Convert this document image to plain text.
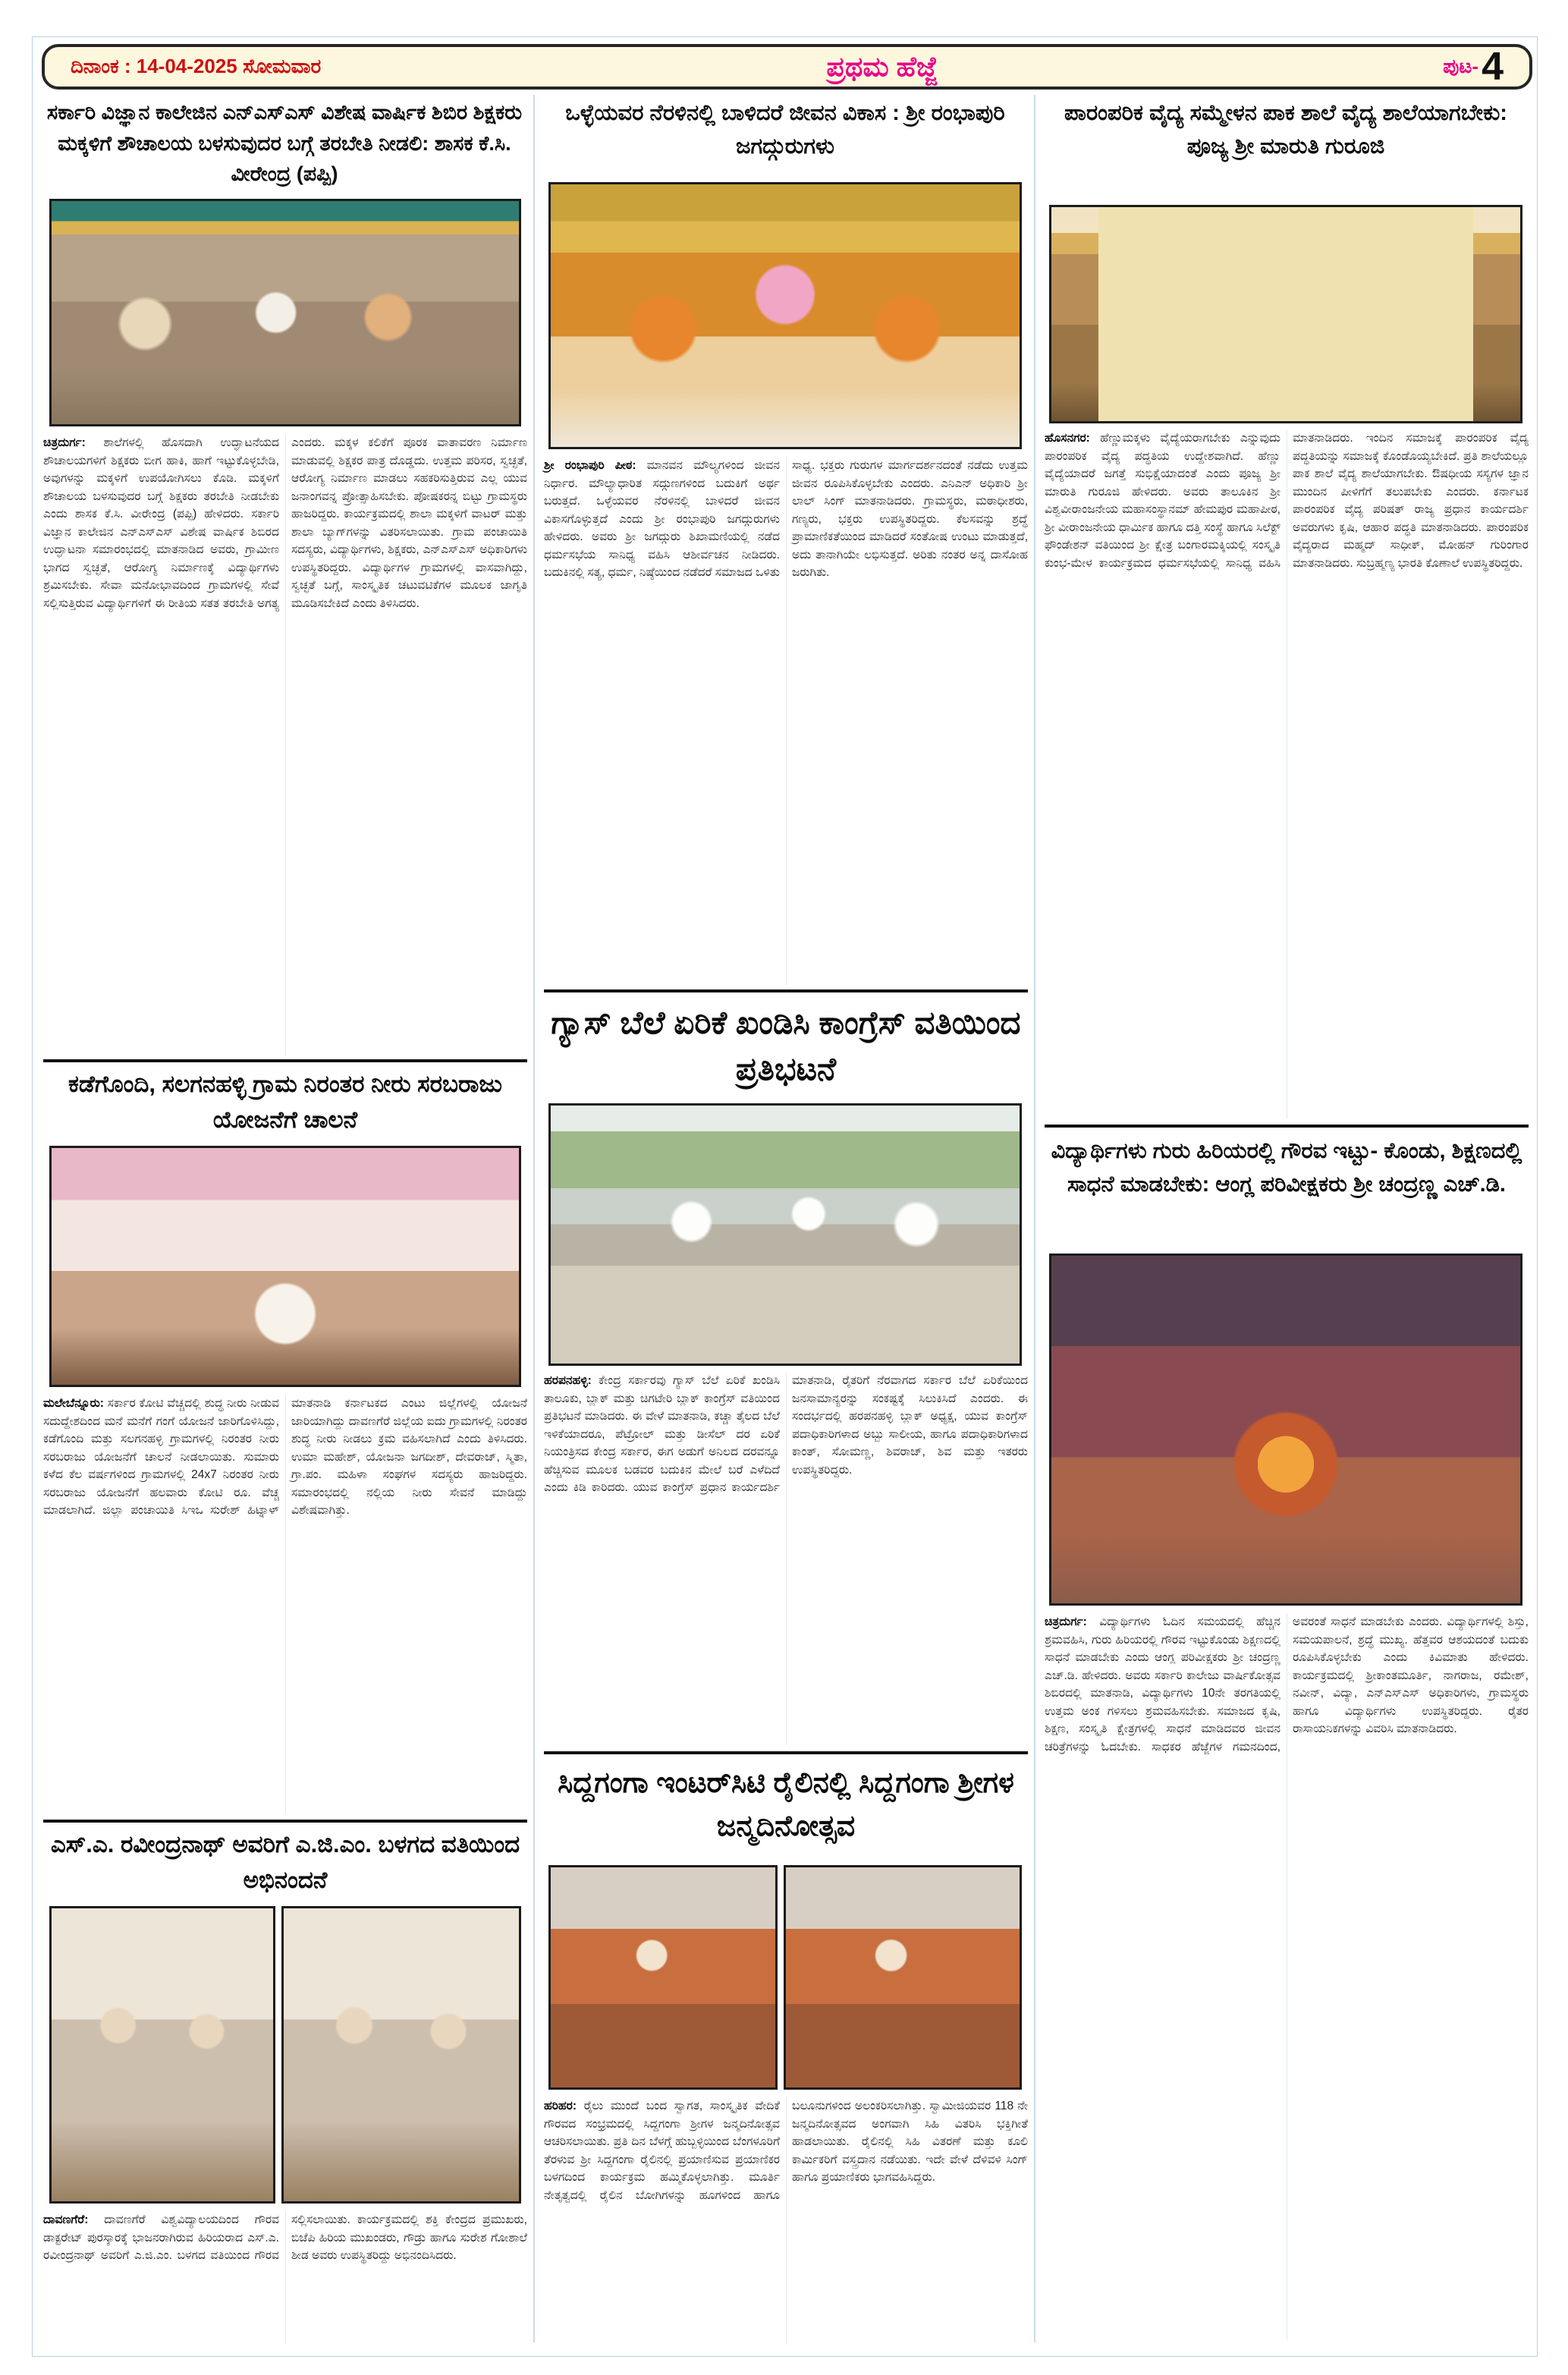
ದಿನಾಂಕ : 14-04-2025 ಸೋಮವಾರ	ಪ್ರಥಮ ಹೆಜ್ಜೆ	ಪುಟ- 4
ಸರ್ಕಾರಿ ವಿಜ್ಞಾನ ಕಾಲೇಜಿನ ಎನ್‌ಎಸ್‌ಎಸ್ ವಿಶೇಷ ವಾರ್ಷಿಕ ಶಿಬಿರ ಶಿಕ್ಷಕರು ಮಕ್ಕಳಿಗೆ ಶೌಚಾಲಯ ಬಳಸುವುದರ ಬಗ್ಗೆ ತರಬೇತಿ ನೀಡಲಿ: ಶಾಸಕ ಕೆ.ಸಿ. ವೀರೇಂದ್ರ (ಪಪ್ಪಿ)
ಚಿತ್ರದುರ್ಗ: ಶಾಲೆಗಳಲ್ಲಿ ಹೊಸದಾಗಿ ಉದ್ಘಾಟನೆಯದ ಶೌಚಾಲಯಗಳಿಗೆ ಶಿಕ್ಷಕರು ಬೀಗ ಹಾಕಿ, ಹಾಗೆ ಇಟ್ಟುಕೊಳ್ಳಬೇಡಿ, ಅವುಗಳನ್ನು ಮಕ್ಕಳಿಗೆ ಉಪಯೋಗಿಸಲು ಕೊಡಿ. ಮಕ್ಕಳಿಗೆ ಶೌಚಾಲಯ ಬಳಸುವುದರ ಬಗ್ಗೆ ಶಿಕ್ಷಕರು ತರಬೇತಿ ನೀಡಬೇಕು ಎಂದು ಶಾಸಕ ಕೆ.ಸಿ. ವೀರೇಂದ್ರ (ಪಪ್ಪಿ) ಹೇಳಿದರು. ಸರ್ಕಾರಿ ವಿಜ್ಞಾನ ಕಾಲೇಜಿನ ಎನ್‌ಎಸ್‌ಎಸ್ ವಿಶೇಷ ವಾರ್ಷಿಕ ಶಿಬಿರದ ಉದ್ಘಾಟನಾ ಸಮಾರಂಭದಲ್ಲಿ ಮಾತನಾಡಿದ ಅವರು, ಗ್ರಾಮೀಣ ಭಾಗದ ಸ್ವಚ್ಛತೆ, ಆರೋಗ್ಯ ನಿರ್ಮಾಣಕ್ಕೆ ವಿದ್ಯಾರ್ಥಿಗಳು ಶ್ರಮಿಸಬೇಕು. ಸೇವಾ ಮನೋಭಾವದಿಂದ ಗ್ರಾಮಗಳಲ್ಲಿ ಸೇವೆ ಸಲ್ಲಿಸುತ್ತಿರುವ ವಿದ್ಯಾರ್ಥಿಗಳಿಗೆ ಈ ರೀತಿಯ ಸತತ ತರಬೇತಿ ಅಗತ್ಯ ಎಂದರು. ಮಕ್ಕಳ ಕಲಿಕೆಗೆ ಪೂರಕ ವಾತಾವರಣ ನಿರ್ಮಾಣ ಮಾಡುವಲ್ಲಿ ಶಿಕ್ಷಕರ ಪಾತ್ರ ದೊಡ್ಡದು. ಉತ್ತಮ ಪರಿಸರ, ಸ್ವಚ್ಛತೆ, ಆರೋಗ್ಯ ನಿರ್ಮಾಣ ಮಾಡಲು ಸಹಕರಿಸುತ್ತಿರುವ ಎಲ್ಲ ಯುವ ಜನಾಂಗವನ್ನ ಪ್ರೋತ್ಸಾಹಿಸಬೇಕು. ಪೋಷಕರನ್ನ ಬಿಟ್ಟು ಗ್ರಾಮಸ್ಥರು ಹಾಜರಿದ್ದರು. ಕಾರ್ಯಕ್ರಮದಲ್ಲಿ ಶಾಲಾ ಮಕ್ಕಳಿಗೆ ವಾಟರ್ ಮತ್ತು ಶಾಲಾ ಬ್ಯಾಗ್‌ಗಳನ್ನು ವಿತರಿಸಲಾಯಿತು. ಗ್ರಾಮ ಪಂಚಾಯಿತಿ ಸದಸ್ಯರು, ವಿದ್ಯಾರ್ಥಿಗಳು, ಶಿಕ್ಷಕರು, ಎನ್‌ಎಸ್‌ಎಸ್ ಅಧಿಕಾರಿಗಳು ಉಪಸ್ಥಿತರಿದ್ದರು. ವಿದ್ಯಾರ್ಥಿಗಳ ಗ್ರಾಮಗಳಲ್ಲಿ ವಾಸವಾಗಿದ್ದು, ಸ್ವಚ್ಛತೆ ಬಗ್ಗೆ, ಸಾಂಸ್ಕೃತಿಕ ಚಟುವಟಿಕೆಗಳ ಮೂಲಕ ಜಾಗೃತಿ ಮೂಡಿಸಬೇಕಿದೆ ಎಂದು ತಿಳಿಸಿದರು.
ಕಡೆಗೊಂದಿ, ಸಲಗನಹಳ್ಳಿ ಗ್ರಾಮ ನಿರಂತರ ನೀರು ಸರಬರಾಜು ಯೋಜನೆಗೆ ಚಾಲನೆ
ಮಲೇಬೆನ್ನೂರು: ಸರ್ಕಾರ ಕೋಟಿ ವೆಚ್ಚದಲ್ಲಿ ಶುದ್ಧ ನೀರು ನೀಡುವ ಸದುದ್ದೇಶದಿಂದ ಮನೆ ಮನೆಗೆ ಗಂಗೆ ಯೋಜನೆ ಜಾರಿಗೊಳಿಸಿದ್ದು, ಕಡೆಗೊಂದಿ ಮತ್ತು ಸಲಗನಹಳ್ಳಿ ಗ್ರಾಮಗಳಲ್ಲಿ ನಿರಂತರ ನೀರು ಸರಬರಾಜು ಯೋಜನೆಗೆ ಚಾಲನೆ ನೀಡಲಾಯಿತು. ಸುಮಾರು ಕಳೆದ ಕೆಲ ವರ್ಷಗಳಿಂದ ಗ್ರಾಮಗಳಲ್ಲಿ 24x7 ನಿರಂತರ ನೀರು ಸರಬರಾಜು ಯೋಜನೆಗೆ ಹಲವಾರು ಕೋಟಿ ರೂ. ವೆಚ್ಚ ಮಾಡಲಾಗಿದೆ. ಜಿಲ್ಲಾ ಪಂಚಾಯಿತಿ ಸಿಇಒ ಸುರೇಶ್ ಹಿಟ್ನಾಳ್ ಮಾತನಾಡಿ ಕರ್ನಾಟಕದ ಎಂಟು ಜಿಲ್ಲೆಗಳಲ್ಲಿ ಯೋಜನೆ ಜಾರಿಯಾಗಿದ್ದು ದಾವಣಗೆರೆ ಜಿಲ್ಲೆಯ ಐದು ಗ್ರಾಮಗಳಲ್ಲಿ ನಿರಂತರ ಶುದ್ಧ ನೀರು ನೀಡಲು ಕ್ರಮ ವಹಿಸಲಾಗಿದೆ ಎಂದು ತಿಳಿಸಿದರು. ಉಮಾ ಮಹೇಶ್, ಯೋಜನಾ ಜಗದೀಶ್, ದೇವರಾಜ್, ಸ್ಮಿತಾ, ಗ್ರಾ.ಪಂ. ಮಹಿಳಾ ಸಂಘಗಳ ಸದಸ್ಯರು ಹಾಜರಿದ್ದರು. ಸಮಾರಂಭದಲ್ಲಿ ನಲ್ಲಿಯ ನೀರು ಸೇವನೆ ಮಾಡಿದ್ದು ವಿಶೇಷವಾಗಿತ್ತು.
ಎಸ್.ಎ. ರವೀಂದ್ರನಾಥ್ ಅವರಿಗೆ ಎ.ಜಿ.ಎಂ. ಬಳಗದ ವತಿಯಿಂದ ಅಭಿನಂದನೆ
ದಾವಣಗೆರೆ: ದಾವಣಗೆರೆ ವಿಶ್ವವಿದ್ಯಾಲಯದಿಂದ ಗೌರವ ಡಾಕ್ಟರೇಟ್ ಪುರಸ್ಕಾರಕ್ಕೆ ಭಾಜನರಾಗಿರುವ ಹಿರಿಯರಾದ ಎಸ್.ಎ. ರವೀಂದ್ರನಾಥ್ ಅವರಿಗೆ ಎ.ಜಿ.ಎಂ. ಬಳಗದ ವತಿಯಿಂದ ಗೌರವ ಸಲ್ಲಿಸಲಾಯಿತು. ಕಾರ್ಯಕ್ರಮದಲ್ಲಿ ಶಕ್ತಿ ಕೇಂದ್ರದ ಪ್ರಮುಖರು, ಬಿಜೆಪಿ ಹಿರಿಯ ಮುಖಂಡರು, ಗೌಡ್ರು ಹಾಗೂ ಸುರೇಶ ಗೋಶಾಲೆ ಶೀಡ ಅವರು ಉಪಸ್ಥಿತರಿದ್ದು ಅಭಿನಂದಿಸಿದರು.
ಒಳ್ಳೆಯವರ ನೆರಳಿನಲ್ಲಿ ಬಾಳಿದರೆ ಜೀವನ ವಿಕಾಸ : ಶ್ರೀ ರಂಭಾಪುರಿ ಜಗದ್ಗುರುಗಳು
ಶ್ರೀ ರಂಭಾಪುರಿ ಪೀಠ: ಮಾನವನ ಮೌಲ್ಯಗಳಿಂದ ಜೀವನ ನಿರ್ಧಾರ. ಮೌಲ್ಯಾಧಾರಿತ ಸದ್ಗುಣಗಳಿಂದ ಬದುಕಿಗೆ ಅರ್ಥ ಬರುತ್ತದೆ. ಒಳ್ಳೆಯವರ ನೆರಳಿನಲ್ಲಿ ಬಾಳಿದರೆ ಜೀವನ ವಿಕಾಸಗೊಳ್ಳುತ್ತದೆ ಎಂದು ಶ್ರೀ ರಂಭಾಪುರಿ ಜಗದ್ಗುರುಗಳು ಹೇಳಿದರು. ಅವರು ಶ್ರೀ ಜಗದ್ಗುರು ಶಿಖಾಮಣಿಯಲ್ಲಿ ನಡೆದ ಧರ್ಮಸಭೆಯ ಸಾನಿಧ್ಯ ವಹಿಸಿ ಆಶೀರ್ವಚನ ನೀಡಿದರು. ಬದುಕಿನಲ್ಲಿ ಸತ್ಯ, ಧರ್ಮ, ನಿಷ್ಠೆಯಿಂದ ನಡೆದರೆ ಸಮಾಜದ ಒಳಿತು ಸಾಧ್ಯ. ಭಕ್ತರು ಗುರುಗಳ ಮಾರ್ಗದರ್ಶನದಂತೆ ನಡೆದು ಉತ್ತಮ ಜೀವನ ರೂಪಿಸಿಕೊಳ್ಳಬೇಕು ಎಂದರು. ಎನಿಎನ್ ಅಧಿಕಾರಿ ಶ್ರೀ ಲಾಲ್ ಸಿಂಗ್ ಮಾತನಾಡಿದರು. ಗ್ರಾಮಸ್ಥರು, ಮಠಾಧೀಶರು, ಗಣ್ಯರು, ಭಕ್ತರು ಉಪಸ್ಥಿತರಿದ್ದರು. ಕೆಲಸವನ್ನು ಶ್ರದ್ಧೆ ಪ್ರಾಮಾಣಿಕತೆಯಿಂದ ಮಾಡಿದರೆ ಸಂತೋಷ ಉಂಟು ಮಾಡುತ್ತದೆ, ಅದು ತಾನಾಗಿಯೇ ಲಭಿಸುತ್ತದೆ. ಅರಿತು ನಂತರ ಅನ್ನ ದಾಸೋಹ ಜರುಗಿತು.
ಗ್ಯಾಸ್ ಬೆಲೆ ಏರಿಕೆ ಖಂಡಿಸಿ ಕಾಂಗ್ರೆಸ್ ವತಿಯಿಂದ ಪ್ರತಿಭಟನೆ
ಹರಪನಹಳ್ಳಿ: ಕೇಂದ್ರ ಸರ್ಕಾರವು ಗ್ಯಾಸ್ ಬೆಲೆ ಏರಿಕೆ ಖಂಡಿಸಿ ತಾಲೂಕು, ಬ್ಲಾಕ್ ಮತ್ತು ಚಿಗಟೇರಿ ಬ್ಲಾಕ್ ಕಾಂಗ್ರೆಸ್ ವತಿಯಿಂದ ಪ್ರತಿಭಟನೆ ಮಾಡಿದರು. ಈ ವೇಳೆ ಮಾತನಾಡಿ, ಕಚ್ಚಾ ತೈಲದ ಬೆಲೆ ಇಳಿಕೆಯಾದರೂ, ಪೆಟ್ರೋಲ್ ಮತ್ತು ಡೀಸೆಲ್ ದರ ಏರಿಕೆ ನಿಯಂತ್ರಿಸದ ಕೇಂದ್ರ ಸರ್ಕಾರ, ಈಗ ಅಡುಗೆ ಅನಿಲದ ದರವನ್ನೂ ಹೆಚ್ಚಿಸುವ ಮೂಲಕ ಬಡವರ ಬದುಕಿನ ಮೇಲೆ ಬರೆ ಎಳೆದಿದೆ ಎಂದು ಕಿಡಿ ಕಾರಿದರು. ಯುವ ಕಾಂಗ್ರೆಸ್ ಪ್ರಧಾನ ಕಾರ್ಯದರ್ಶಿ ಮಾತನಾಡಿ, ರೈತರಿಗೆ ನೆರವಾಗದ ಸರ್ಕಾರ ಬೆಲೆ ಏರಿಕೆಯಿಂದ ಜನಸಾಮಾನ್ಯರನ್ನು ಸಂಕಷ್ಟಕ್ಕೆ ಸಿಲುಕಿಸಿದೆ ಎಂದರು. ಈ ಸಂದರ್ಭದಲ್ಲಿ ಹರಪನಹಳ್ಳಿ ಬ್ಲಾಕ್ ಅಧ್ಯಕ್ಷ, ಯುವ ಕಾಂಗ್ರೆಸ್ ಪದಾಧಿಕಾರಿಗಳಾದ ಅಬ್ಬು ಸಾಲೀಯ, ಹಾಗೂ ಪದಾಧಿಕಾರಿಗಳಾದ ಕಾಂತ್, ಸೋಮಣ್ಣ, ಶಿವರಾಜ್, ಶಿವ ಮತ್ತು ಇತರರು ಉಪಸ್ಥಿತರಿದ್ದರು.
ಸಿದ್ದಗಂಗಾ ಇಂಟರ್‌ಸಿಟಿ ರೈಲಿನಲ್ಲಿ ಸಿದ್ದಗಂಗಾ ಶ್ರೀಗಳ ಜನ್ಮದಿನೋತ್ಸವ
ಹರಿಹರ: ರೈಲು ಮುಂದೆ ಬಂದ ಸ್ವಾಗತ, ಸಾಂಸ್ಕೃತಿಕ ವೇದಿಕೆ ಗೌರವದ ಸಂಭ್ರಮದಲ್ಲಿ ಸಿದ್ದಗಂಗಾ ಶ್ರೀಗಳ ಜನ್ಮದಿನೋತ್ಸವ ಆಚರಿಸಲಾಯಿತು. ಪ್ರತಿ ದಿನ ಬೆಳಗ್ಗೆ ಹುಬ್ಬಳ್ಳಿಯಿಂದ ಬೆಂಗಳೂರಿಗೆ ತೆರಳುವ ಶ್ರೀ ಸಿದ್ದಗಂಗಾ ರೈಲಿನಲ್ಲಿ ಪ್ರಯಾಣಿಸುವ ಪ್ರಯಾಣಿಕರ ಬಳಗದಿಂದ ಕಾರ್ಯಕ್ರಮ ಹಮ್ಮಿಕೊಳ್ಳಲಾಗಿತ್ತು. ಮೂರ್ತಿ ನೇತೃತ್ವದಲ್ಲಿ ರೈಲಿನ ಬೋಗಿಗಳನ್ನು ಹೂಗಳಿಂದ ಹಾಗೂ ಬಲೂನುಗಳಿಂದ ಅಲಂಕರಿಸಲಾಗಿತ್ತು. ಸ್ವಾಮೀಜಿಯವರ 118 ನೇ ಜನ್ಮದಿನೋತ್ಸವದ ಅಂಗವಾಗಿ ಸಿಹಿ ವಿತರಿಸಿ ಭಕ್ತಿಗೀತೆ ಹಾಡಲಾಯಿತು. ರೈಲಿನಲ್ಲಿ ಸಿಹಿ ವಿತರಣೆ ಮತ್ತು ಕೂಲಿ ಕಾರ್ಮಿಕರಿಗೆ ವಸ್ತ್ರದಾನ ನಡೆಯಿತು. ಇದೇ ವೇಳೆ ದೆಳಿವಳಿ ಸಿಂಗ್ ಹಾಗೂ ಪ್ರಯಾಣಿಕರು ಭಾಗವಹಿಸಿದ್ದರು.
ಪಾರಂಪರಿಕ ವೈದ್ಯ ಸಮ್ಮೇಳನ ಪಾಕ ಶಾಲೆ ವೈದ್ಯ ಶಾಲೆಯಾಗಬೇಕು: ಪೂಜ್ಯ ಶ್ರೀ ಮಾರುತಿ ಗುರೂಜಿ
ಹೊಸನಗರ: ಹೆಣ್ಣುಮಕ್ಕಳು ವೈದ್ಯೆಯರಾಗಬೇಕು ಎನ್ನುವುದು ಪಾರಂಪರಿಕ ವೈದ್ಯ ಪದ್ಧತಿಯ ಉದ್ದೇಶವಾಗಿದೆ. ಹೆಣ್ಣು ವೈದ್ಯೆಯಾದರೆ ಜಗತ್ತೆ ಸುಭಿಕ್ಷೆಯಾದಂತೆ ಎಂದು ಪೂಜ್ಯ ಶ್ರೀ ಮಾರುತಿ ಗುರೂಜಿ ಹೇಳಿದರು. ಅವರು ತಾಲೂಕಿನ ಶ್ರೀ ವಿಶ್ವವೀರಾಂಜನೇಯ ಮಹಾಸಂಸ್ಥಾನಮ್ ಹೇಮಪುರ ಮಹಾಪೀಠ, ಶ್ರೀ ವೀರಾಂಜನೇಯ ಧಾರ್ಮಿಕ ಹಾಗೂ ದತ್ತಿ ಸಂಸ್ಥೆ ಹಾಗೂ ಸಿಲೆಕ್ಟ್ ಫೌಂಡೇಶನ್ ವತಿಯಿಂದ ಶ್ರೀ ಕ್ಷೇತ್ರ ಬಂಗಾರಮಕ್ಕಿಯಲ್ಲಿ ಸಂಸ್ಕೃತಿ ಕುಂಭ-ಮೇಳ ಕಾರ್ಯಕ್ರಮದ ಧರ್ಮಸಭೆಯಲ್ಲಿ ಸಾನಿಧ್ಯ ವಹಿಸಿ ಮಾತನಾಡಿದರು. ಇಂದಿನ ಸಮಾಜಕ್ಕೆ ಪಾರಂಪರಿಕ ವೈದ್ಯ ಪದ್ಧತಿಯನ್ನು ಸಮಾಜಕ್ಕೆ ಕೊಂಡೊಯ್ಯಬೇಕಿದೆ. ಪ್ರತಿ ಶಾಲೆಯಲ್ಲೂ ಪಾಕ ಶಾಲೆ ವೈದ್ಯ ಶಾಲೆಯಾಗಬೇಕು. ಔಷಧೀಯ ಸಸ್ಯಗಳ ಜ್ಞಾನ ಮುಂದಿನ ಪೀಳಿಗೆಗೆ ತಲುಪಬೇಕು ಎಂದರು. ಕರ್ನಾಟಕ ಪಾರಂಪರಿಕ ವೈದ್ಯ ಪರಿಷತ್ ರಾಜ್ಯ ಪ್ರಧಾನ ಕಾರ್ಯದರ್ಶಿ ಅವರುಗಳು ಕೃಷಿ, ಆಹಾರ ಪದ್ಧತಿ ಮಾತನಾಡಿದರು. ಪಾರಂಪರಿಕ ವೈದ್ಯರಾದ ಮಹ್ಮದ್ ಸಾಧೀಕ್, ಮೋಹನ್ ಗುರಿಂಗಾರ ಮಾತನಾಡಿದರು. ಸುಬ್ರಹ್ಮಣ್ಯ ಭಾರತಿ ಕೊಣಾಲೆ ಉಪಸ್ಥಿತರಿದ್ದರು.
ವಿದ್ಯಾರ್ಥಿಗಳು ಗುರು ಹಿರಿಯರಲ್ಲಿ ಗೌರವ ಇಟ್ಟು- ಕೊಂಡು, ಶಿಕ್ಷಣದಲ್ಲಿ ಸಾಧನೆ ಮಾಡಬೇಕು: ಆಂಗ್ಲ ಪರಿವೀಕ್ಷಕರು ಶ್ರೀ ಚಂದ್ರಣ್ಣ ಎಚ್.ಡಿ.
ಚಿತ್ರದುರ್ಗ: ವಿದ್ಯಾರ್ಥಿಗಳು ಓದಿನ ಸಮಯದಲ್ಲಿ ಹೆಚ್ಚಿನ ಶ್ರಮವಹಿಸಿ, ಗುರು ಹಿರಿಯರಲ್ಲಿ ಗೌರವ ಇಟ್ಟುಕೊಂಡು ಶಿಕ್ಷಣದಲ್ಲಿ ಸಾಧನೆ ಮಾಡಬೇಕು ಎಂದು ಆಂಗ್ಲ ಪರಿವೀಕ್ಷಕರು ಶ್ರೀ ಚಂದ್ರಣ್ಣ ಎಚ್.ಡಿ. ಹೇಳಿದರು. ಅವರು ಸರ್ಕಾರಿ ಕಾಲೇಜು ವಾರ್ಷಿಕೋತ್ಸವ ಶಿಬಿರದಲ್ಲಿ ಮಾತನಾಡಿ, ವಿದ್ಯಾರ್ಥಿಗಳು 10ನೇ ತರಗತಿಯಲ್ಲಿ ಉತ್ತಮ ಅಂಕ ಗಳಿಸಲು ಶ್ರಮವಹಿಸಬೇಕು. ಸಮಾಜದ ಕೃಷಿ, ಶಿಕ್ಷಣ, ಸಂಸ್ಕೃತಿ ಕ್ಷೇತ್ರಗಳಲ್ಲಿ ಸಾಧನೆ ಮಾಡಿದವರ ಜೀವನ ಚರಿತ್ರೆಗಳನ್ನು ಓದಬೇಕು. ಸಾಧಕರ ಹೆಜ್ಜೆಗಳ ಗಮನದಿಂದ, ಅವರಂತೆ ಸಾಧನೆ ಮಾಡಬೇಕು ಎಂದರು. ವಿದ್ಯಾರ್ಥಿಗಳಲ್ಲಿ ಶಿಸ್ತು, ಸಮಯಪಾಲನೆ, ಶ್ರದ್ಧೆ ಮುಖ್ಯ. ಹೆತ್ತವರ ಆಶಯದಂತೆ ಬದುಕು ರೂಪಿಸಿಕೊಳ್ಳಬೇಕು ಎಂದು ಕಿವಿಮಾತು ಹೇಳಿದರು. ಕಾರ್ಯಕ್ರಮದಲ್ಲಿ ಶ್ರೀಕಾಂತಮೂರ್ತಿ, ನಾಗರಾಜ, ರಮೇಶ್, ನವೀನ್, ವಿದ್ಯಾ, ಎನ್‌ಎಸ್‌ಎಸ್ ಅಧಿಕಾರಿಗಳು, ಗ್ರಾಮಸ್ಥರು ಹಾಗೂ ವಿದ್ಯಾರ್ಥಿಗಳು ಉಪಸ್ಥಿತರಿದ್ದರು. ರೈತರ ರಾಸಾಯನಿಕಗಳನ್ನು ವಿವರಿಸಿ ಮಾತನಾಡಿದರು.
